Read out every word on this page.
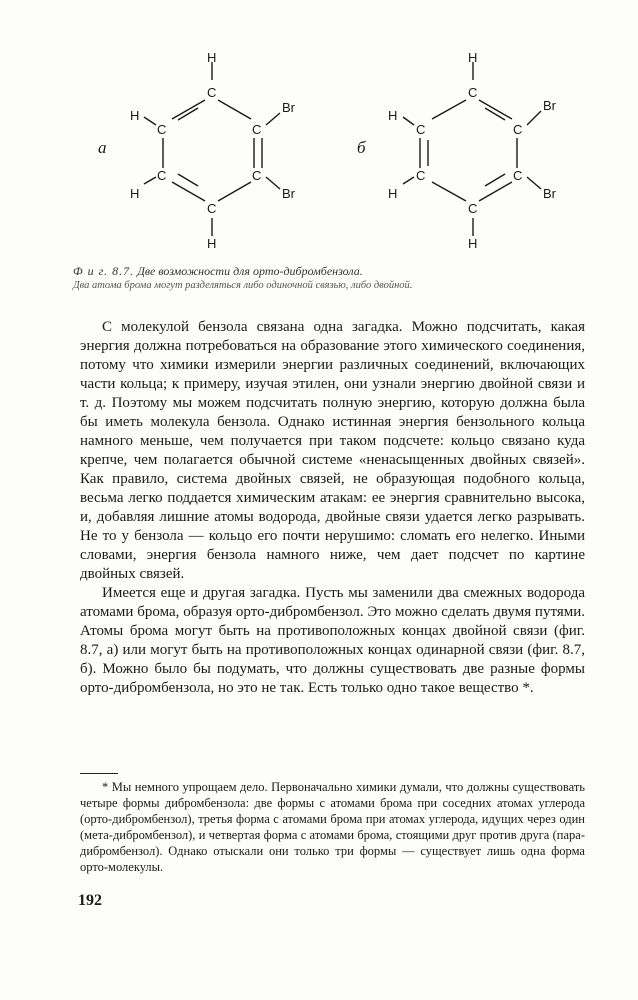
а
H
C
C	C
H
Br
C	C
H	Br
C
H
б
H
C
C	C
H
Br
C	C
H	Br
C
H
Ф и г. 8.7. Две возможности для орто-дибромбензола.
Два атома брома могут разделяться либо одиночной связью, либо двойной.

С молекулой бензола связана одна загадка. Можно подсчитать, какая энергия должна потребоваться на образование этого химического соединения, потому что химики измерили энергии различных соединений, включающих части кольца; к примеру, изучая этилен, они узнали энергию двойной связи и т. д. Поэтому мы можем подсчитать полную энергию, которую должна была бы иметь молекула бензола. Однако истинная энергия бензольного кольца намного меньше, чем получается при таком подсчете: кольцо связано куда крепче, чем полагается обычной системе «ненасыщенных двойных связей». Как правило, система двойных связей, не образующая подобного кольца, весьма легко поддается химическим атакам: ее энергия сравнительно высока, и, добавляя лишние атомы водорода, двойные связи удается легко разрывать. Не то у бензола — кольцо его почти нерушимо: сломать его нелегко. Иными словами, энергия бензола намного ниже, чем дает подсчет по картине двойных связей.

Имеется еще и другая загадка. Пусть мы заменили два смежных водорода атомами брома, образуя орто-дибромбензол. Это можно сделать двумя путями. Атомы брома могут быть на противоположных концах двойной связи (фиг. 8.7, а) или могут быть на противоположных концах одинарной связи (фиг. 8.7, б). Можно было бы подумать, что должны существовать две разные формы орто-дибромбензола, но это не так. Есть только одно такое вещество *.

* Мы немного упрощаем дело. Первоначально химики думали, что должны существовать четыре формы дибромбензола: две формы с атомами брома при соседних атомах углерода (орто-дибромбензол), третья форма с атомами брома при атомах углерода, идущих через один (мета-дибромбензол), и четвертая форма с атомами брома, стоящими друг против друга (пара-дибромбензол). Однако отыскали они только три формы — существует лишь одна форма орто-молекулы.

192
